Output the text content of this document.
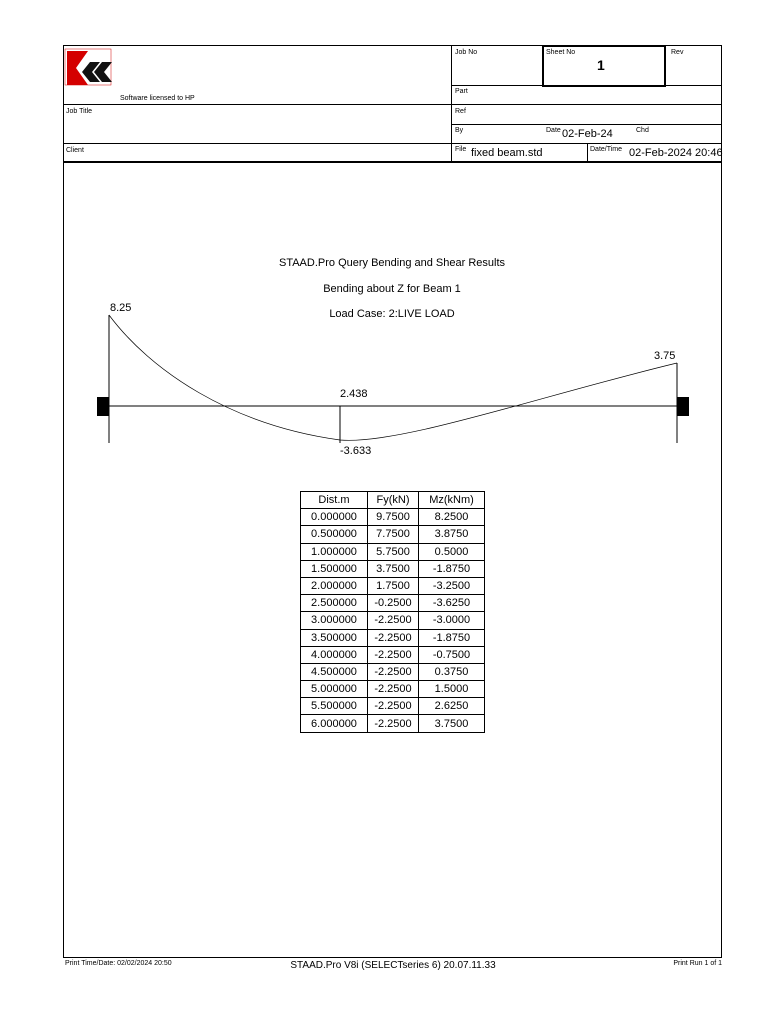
Software licensed to HP
Job No	Sheet No
1
Rev
Part
Job Title	Ref
By	Date 02-Feb-24	Chd
Client	File fixed beam.std	Date/Time 02-Feb-2024 20:46
STAAD.Pro Query Bending and Shear Results
Bending about Z for Beam 1
Load Case: 2:LIVE LOAD
8.25
3.75
2.438
-3.633
Dist.m	Fy(kN)	Mz(kNm)
0.000000	9.7500	8.2500
0.500000	7.7500	3.8750
1.000000	5.7500	0.5000
1.500000	3.7500	-1.8750
2.000000	1.7500	-3.2500
2.500000	-0.2500	-3.6250
3.000000	-2.2500	-3.0000
3.500000	-2.2500	-1.8750
4.000000	-2.2500	-0.7500
4.500000	-2.2500	0.3750
5.000000	-2.2500	1.5000
5.500000	-2.2500	2.6250
6.000000	-2.2500	3.7500
Print Time/Date: 02/02/2024 20:50	STAAD.Pro V8i (SELECTseries 6) 20.07.11.33	Print Run 1 of 1
